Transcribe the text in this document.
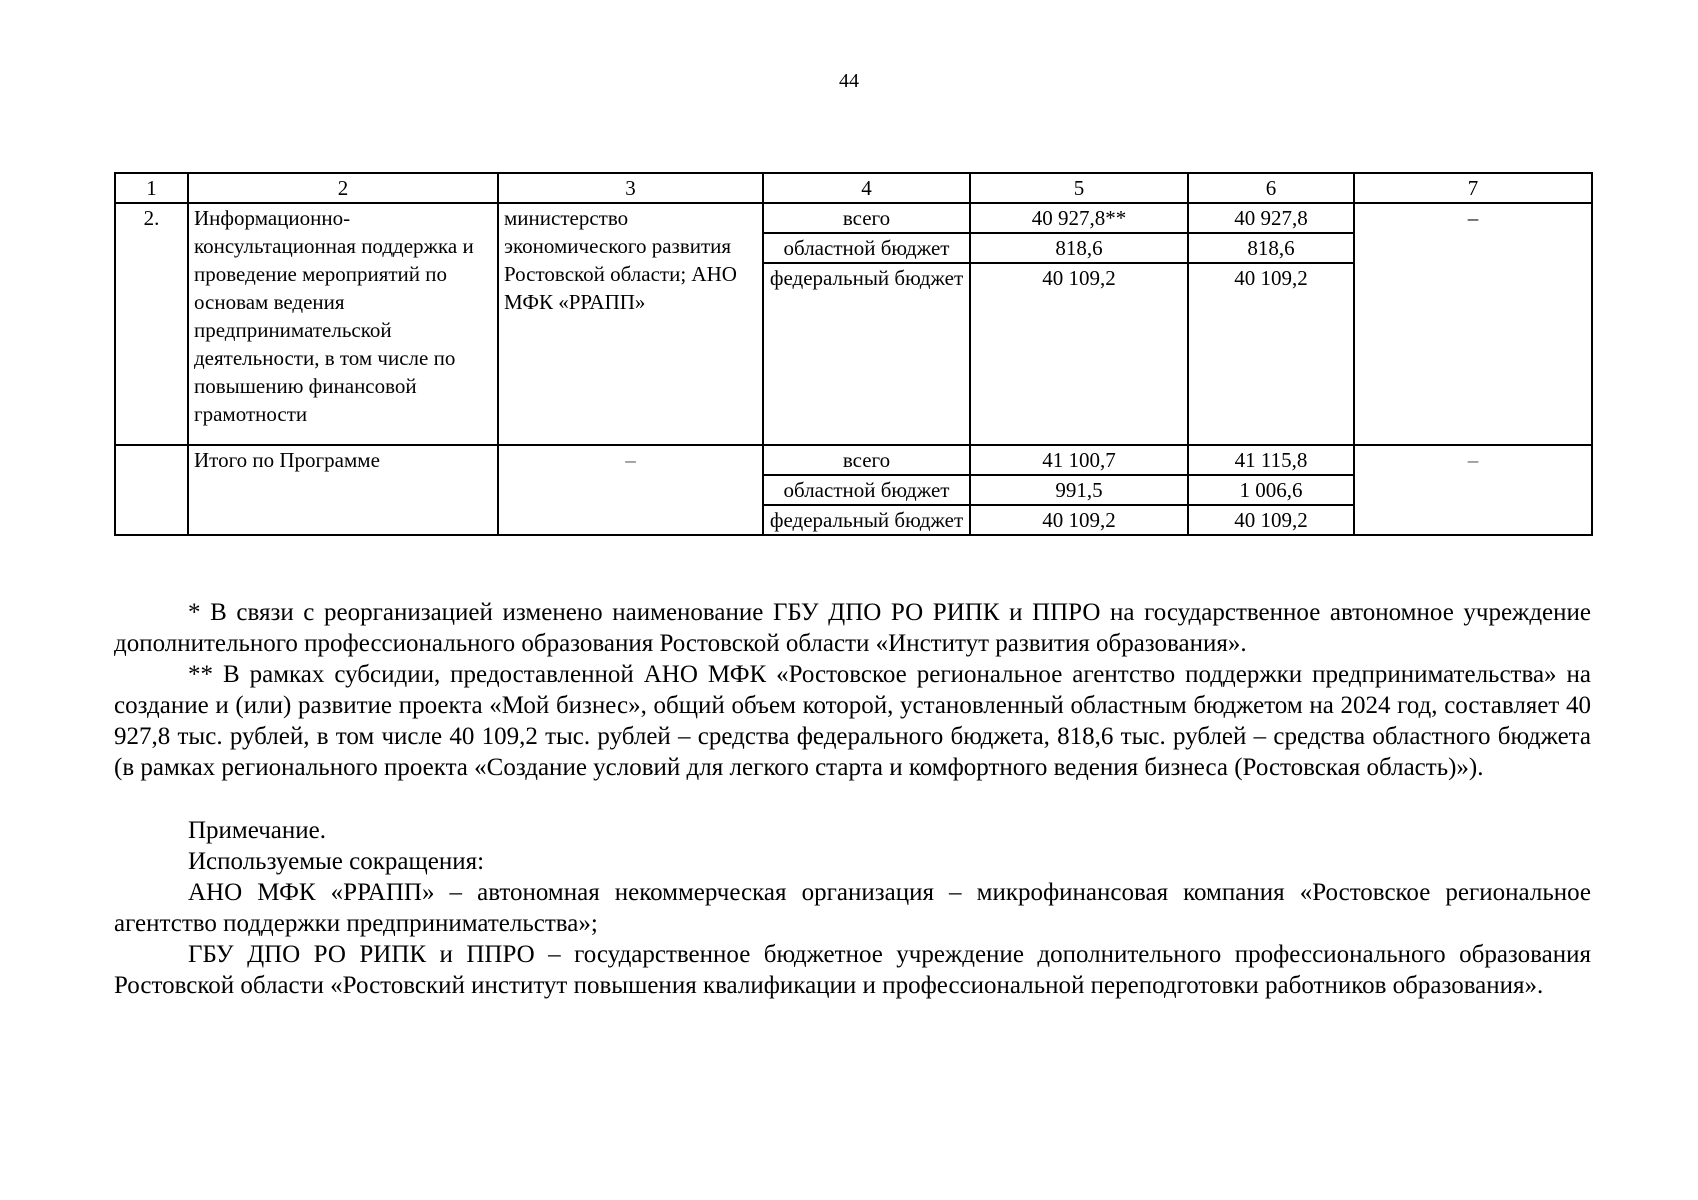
44
1	2	3	4	5	6	7
2.	Информационно-консультационная поддержка и проведение мероприятий по основам ведения предпринимательской деятельности, в том числе по повышению финансовой грамотности	министерство экономического развития Ростовской области; АНО МФК «РРАПП»	всего	40 927,8**	40 927,8	–
			областной бюджет	818,6	818,6	
			федеральный бюджет	40 109,2	40 109,2	
	Итого по Программе	–	всего	41 100,7	41 115,8	–
			областной бюджет	991,5	1 006,6	
			федеральный бюджет	40 109,2	40 109,2	

* В связи с реорганизацией изменено наименование ГБУ ДПО РО РИПК и ППРО на государственное автономное учреждение дополнительного профессионального образования Ростовской области «Институт развития образования».

** В рамках субсидии, предоставленной АНО МФК «Ростовское региональное агентство поддержки предпринимательства» на создание и (или) развитие проекта «Мой бизнес», общий объем которой, установленный областным бюджетом на 2024 год, составляет 40 927,8 тыс. рублей, в том числе 40 109,2 тыс. рублей – средства федерального бюджета, 818,6 тыс. рублей – средства областного бюджета (в рамках регионального проекта «Создание условий для легкого старта и комфортного ведения бизнеса (Ростовская область)»).

Примечание.

Используемые сокращения:

АНО МФК «РРАПП» – автономная некоммерческая организация – микрофинансовая компания «Ростовское региональное агентство поддержки предпринимательства»;

ГБУ ДПО РО РИПК и ППРО – государственное бюджетное учреждение дополнительного профессионального образования Ростовской области «Ростовский институт повышения квалификации и профессиональной переподготовки работников образования».
